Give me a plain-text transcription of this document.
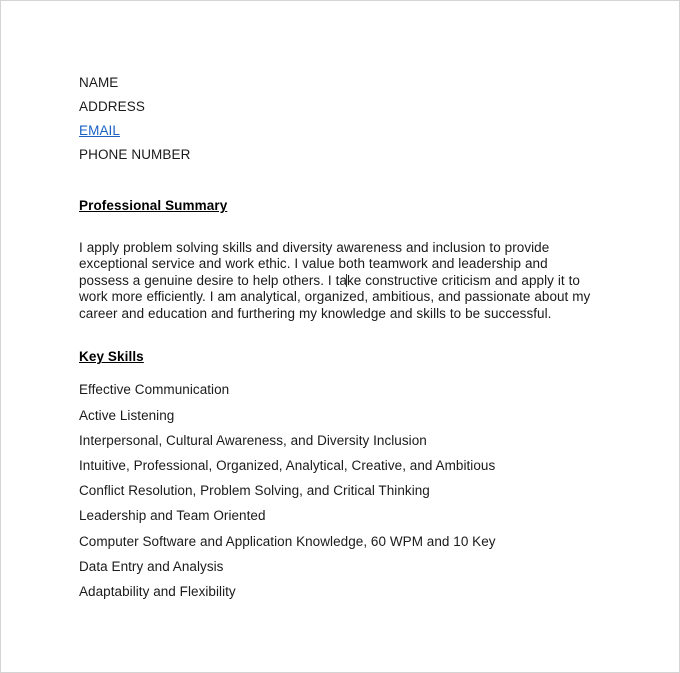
NAME
ADDRESS
EMAIL
PHONE NUMBER
Professional Summary

I apply problem solving skills and diversity awareness and inclusion to provide exceptional service and work ethic. I value both teamwork and leadership and possess a genuine desire to help others. I take constructive criticism and apply it to work more efficiently. I am analytical, organized, ambitious, and passionate about my career and education and furthering my knowledge and skills to be successful.

Key Skills
Effective Communication
Active Listening
Interpersonal, Cultural Awareness, and Diversity Inclusion
Intuitive, Professional, Organized, Analytical, Creative, and Ambitious
Conflict Resolution, Problem Solving, and Critical Thinking
Leadership and Team Oriented
Computer Software and Application Knowledge, 60 WPM and 10 Key
Data Entry and Analysis
Adaptability and Flexibility
